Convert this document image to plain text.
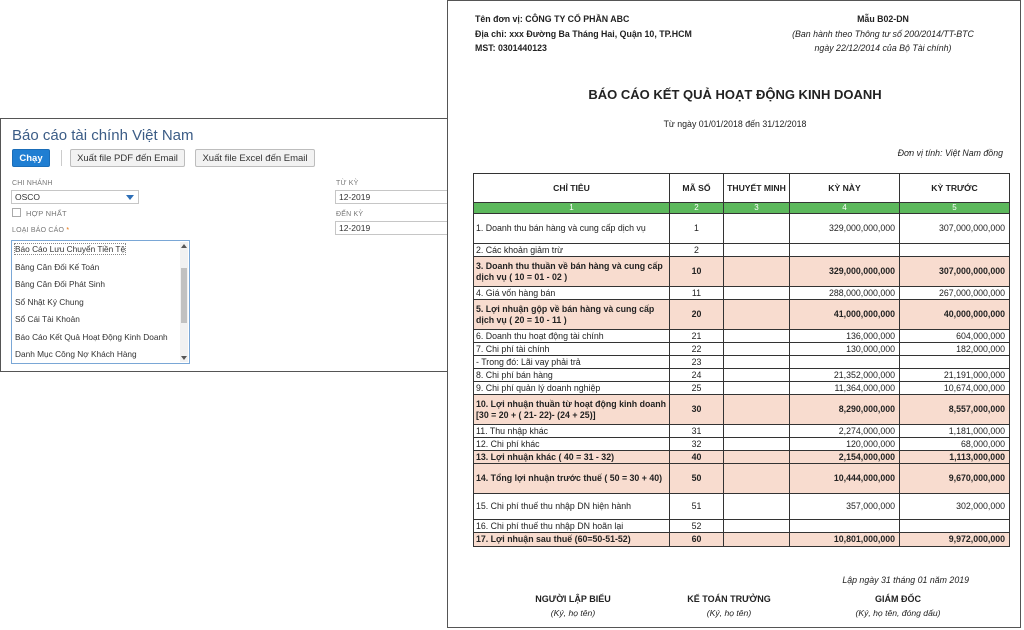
Báo cáo tài chính Việt Nam
Chạy	Xuất file PDF đến Email	Xuất file Excel đến Email
CHI NHÁNH
OSCO
HỢP NHẤT
LOẠI BÁO CÁO *
Báo Cáo Lưu Chuyển Tiền Tệ
Bảng Cân Đối Kế Toán
Bảng Cân Đối Phát Sinh
Sổ Nhật Ký Chung
Sổ Cái Tài Khoản
Báo Cáo Kết Quả Hoạt Động Kinh Doanh
Danh Mục Công Nợ Khách Hàng
TỪ KỲ
12-2019
ĐẾN KỲ
12-2019
Tên đơn vị: CÔNG TY CỔ PHẦN ABC
Địa chỉ: xxx Đường Ba Tháng Hai, Quận 10, TP.HCM
MST: 0301440123
Mẫu B02-DN
(Ban hành theo Thông tư số 200/2014/TT-BTC
ngày 22/12/2014 của Bộ Tài chính)
BÁO CÁO KẾT QUẢ HOẠT ĐỘNG KINH DOANH
Từ ngày 01/01/2018 đến 31/12/2018
Đơn vị tính: Việt Nam đồng
CHỈ TIÊU	MÃ SỐ	THUYẾT MINH	KỲ NÀY	KỲ TRƯỚC
1	2	3	4	5
1. Doanh thu bán hàng và cung cấp dịch vụ	1		329,000,000,000	307,000,000,000
2. Các khoản giảm trừ	2			
3. Doanh thu thuần về bán hàng và cung cấp dịch vụ ( 10 = 01 - 02 )	10		329,000,000,000	307,000,000,000
4. Giá vốn hàng bán	11		288,000,000,000	267,000,000,000
5. Lợi nhuận gộp về bán hàng và cung cấp dịch vụ ( 20 = 10 - 11 )	20		41,000,000,000	40,000,000,000
6. Doanh thu hoạt động tài chính	21		136,000,000	604,000,000
7. Chi phí tài chính	22		130,000,000	182,000,000
- Trong đó: Lãi vay phải trả	23			
8. Chi phí bán hàng	24		21,352,000,000	21,191,000,000
9. Chi phí quản lý doanh nghiệp	25		11,364,000,000	10,674,000,000
10. Lợi nhuận thuần từ hoạt động kinh doanh [30 = 20 + ( 21- 22)- (24 + 25)]	30		8,290,000,000	8,557,000,000
11. Thu nhập khác	31		2,274,000,000	1,181,000,000
12. Chi phí khác	32		120,000,000	68,000,000
13. Lợi nhuận khác ( 40 = 31 - 32)	40		2,154,000,000	1,113,000,000
14. Tổng lợi nhuận trước thuế ( 50 = 30 + 40)	50		10,444,000,000	9,670,000,000
15. Chi phí thuế thu nhập DN hiện hành	51		357,000,000	302,000,000
16. Chi phí thuế thu nhập DN hoãn lại	52			
17. Lợi nhuận sau thuế (60=50-51-52)	60		10,801,000,000	9,972,000,000
Lập ngày 31 tháng 01 năm 2019
NGƯỜI LẬP BIỂU
(Ký, họ tên)
KẾ TOÁN TRƯỞNG
(Ký, họ tên)
GIÁM ĐỐC
(Ký, họ tên, đóng dấu)
